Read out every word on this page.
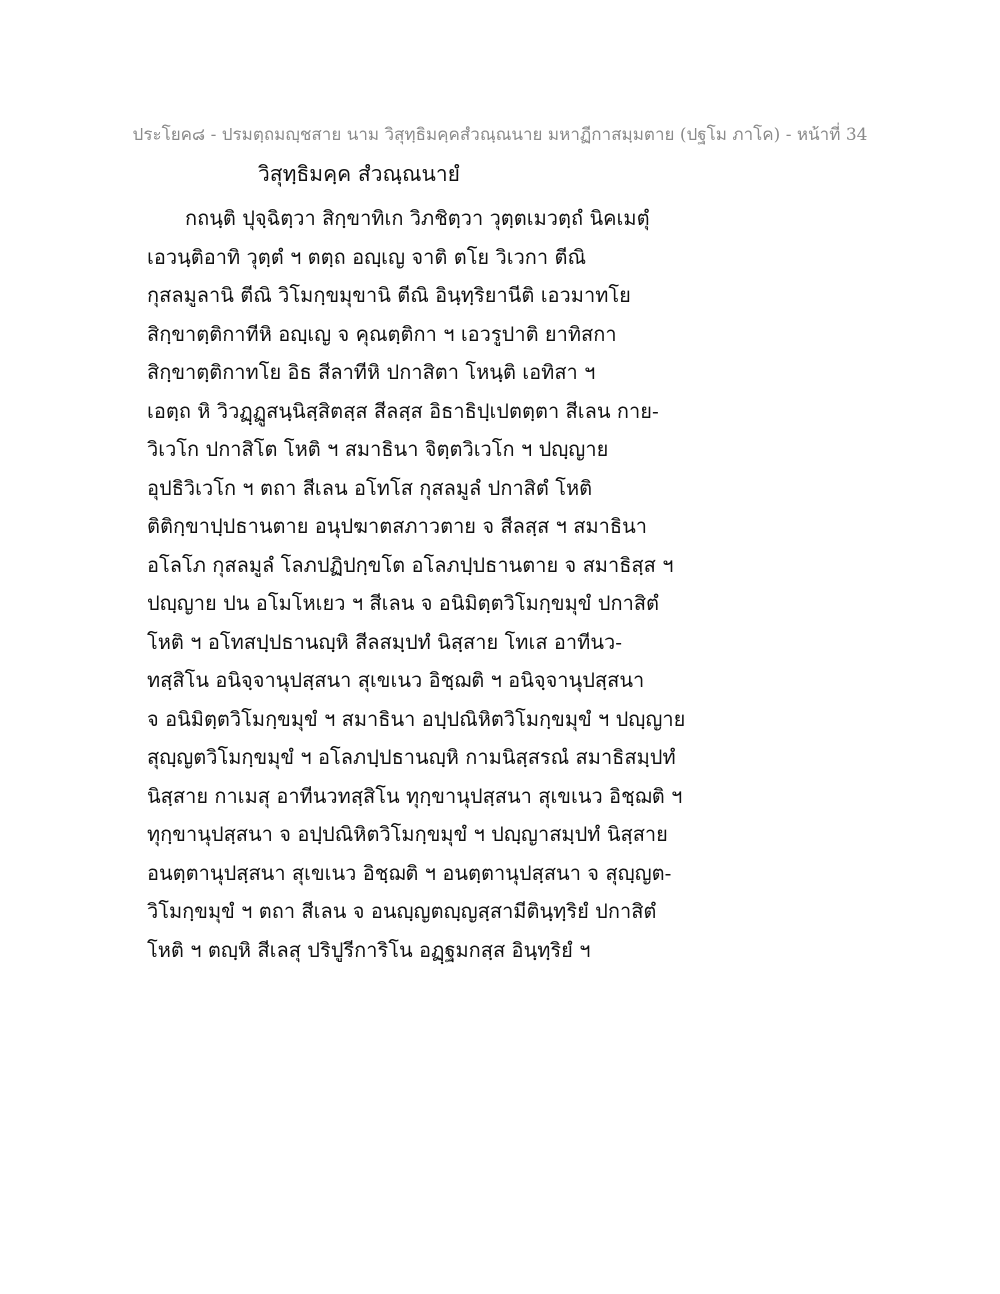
ประโยค๘ - ปรมตฺถมญฺชสาย นาม วิสุทฺธิมคฺคสํวณฺณนาย มหาฏีกาสมฺมตาย (ปฐโม ภาโค) - หน้าที่ 34
วิสุทฺธิมคฺค สํวณฺณนายํ
กถนฺติ ปุจฺฉิตฺวา สิกฺขาทิเก วิภชิตฺวา วุตฺตเมวตฺถํ นิคเมตุํ
เอวนฺติอาทิ วุตฺตํ ฯ ตตฺถ อญฺเญ จาติ ตโย วิเวกา ตีณิ
กุสลมูลานิ ตีณิ วิโมกฺขมุขานิ ตีณิ อินฺทฺริยานีติ เอวมาทโย
สิกฺขาตฺติกาทีหิ อญฺเญ จ คุณตฺติกา ฯ เอวรูปาติ ยาทิสกา
สิกฺขาตฺติกาทโย อิธ สีลาทีหิ ปกาสิตา โหนฺติ เอทิสา ฯ
เอตฺถ หิ วิวฏฺฏูสนฺนิสฺสิตสฺส สีลสฺส อิธาธิปฺเปตตฺตา สีเลน กาย-
วิเวโก ปกาสิโต โหติ ฯ สมาธินา จิตฺตวิเวโก ฯ ปญฺญาย
อุปธิวิเวโก ฯ ตถา สีเลน อโทโส กุสลมูลํ ปกาสิตํ โหติ
ติติกฺขาปฺปธานตาย อนุปฆาตสภาวตาย จ สีลสฺส ฯ สมาธินา
อโลโภ กุสลมูลํ โลภปฏิปกฺขโต อโลภปฺปธานตาย จ สมาธิสฺส ฯ
ปญฺญาย ปน อโมโหเยว ฯ สีเลน จ อนิมิตฺตวิโมกฺขมุขํ ปกาสิตํ
โหติ ฯ อโทสปฺปธานญฺหิ สีลสมฺปทํ นิสฺสาย โทเส อาทีนว-
ทสฺสิโน อนิจฺจานุปสฺสนา สุเขเนว อิชฺฌติ ฯ อนิจฺจานุปสฺสนา
จ อนิมิตฺตวิโมกฺขมุขํ ฯ สมาธินา อปฺปณิหิตวิโมกฺขมุขํ ฯ ปญฺญาย
สุญฺญตวิโมกฺขมุขํ ฯ อโลภปฺปธานญฺหิ กามนิสฺสรณํ สมาธิสมฺปทํ
นิสฺสาย กาเมสุ อาทีนวทสฺสิโน ทุกฺขานุปสฺสนา สุเขเนว อิชฺฌติ ฯ
ทุกฺขานุปสฺสนา จ อปฺปณิหิตวิโมกฺขมุขํ ฯ ปญฺญาสมฺปทํ นิสฺสาย
อนตฺตานุปสฺสนา สุเขเนว อิชฺฌติ ฯ อนตฺตานุปสฺสนา จ สุญฺญต-
วิโมกฺขมุขํ ฯ ตถา สีเลน จ อนญฺญตญฺญสฺสามีตินฺทฺริยํ ปกาสิตํ
โหติ ฯ ตญฺหิ สีเลสุ ปริปูรีการิโน อฏฺฐมกสฺส อินฺทฺริยํ ฯ
